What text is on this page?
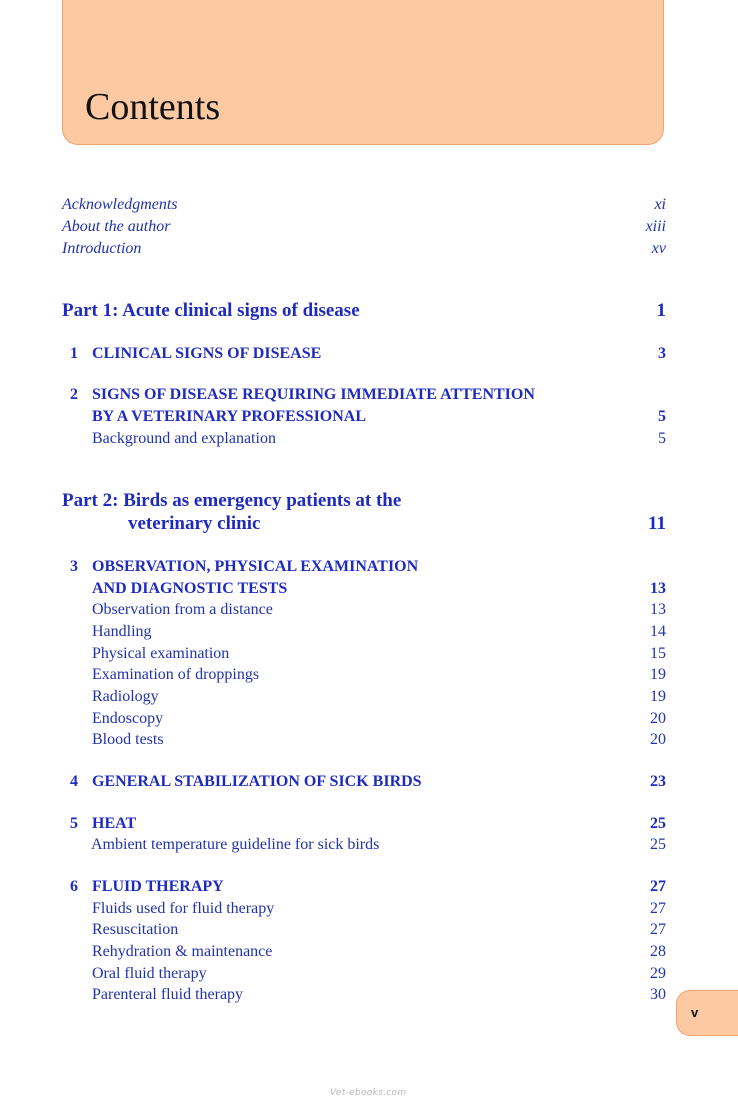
Contents
Acknowledgments	xi
About the author	xiii
Introduction	xv
Part 1: Acute clinical signs of disease	1
1 CLINICAL SIGNS OF DISEASE	3
2 SIGNS OF DISEASE REQUIRING IMMEDIATE ATTENTION
BY A VETERINARY PROFESSIONAL	5
Background and explanation	5
Part 2: Birds as emergency patients at the
veterinary clinic	11
3 OBSERVATION, PHYSICAL EXAMINATION
AND DIAGNOSTIC TESTS	13
Observation from a distance	13
Handling	14
Physical examination	15
Examination of droppings	19
Radiology	19
Endoscopy	20
Blood tests	20
4 GENERAL STABILIZATION OF SICK BIRDS	23
5 HEAT	25
Ambient temperature guideline for sick birds	25
6 FLUID THERAPY	27
Fluids used for fluid therapy	27
Resuscitation	27
Rehydration & maintenance	28
Oral fluid therapy	29
Parenteral fluid therapy	30
v
Vet-ebooks.com
